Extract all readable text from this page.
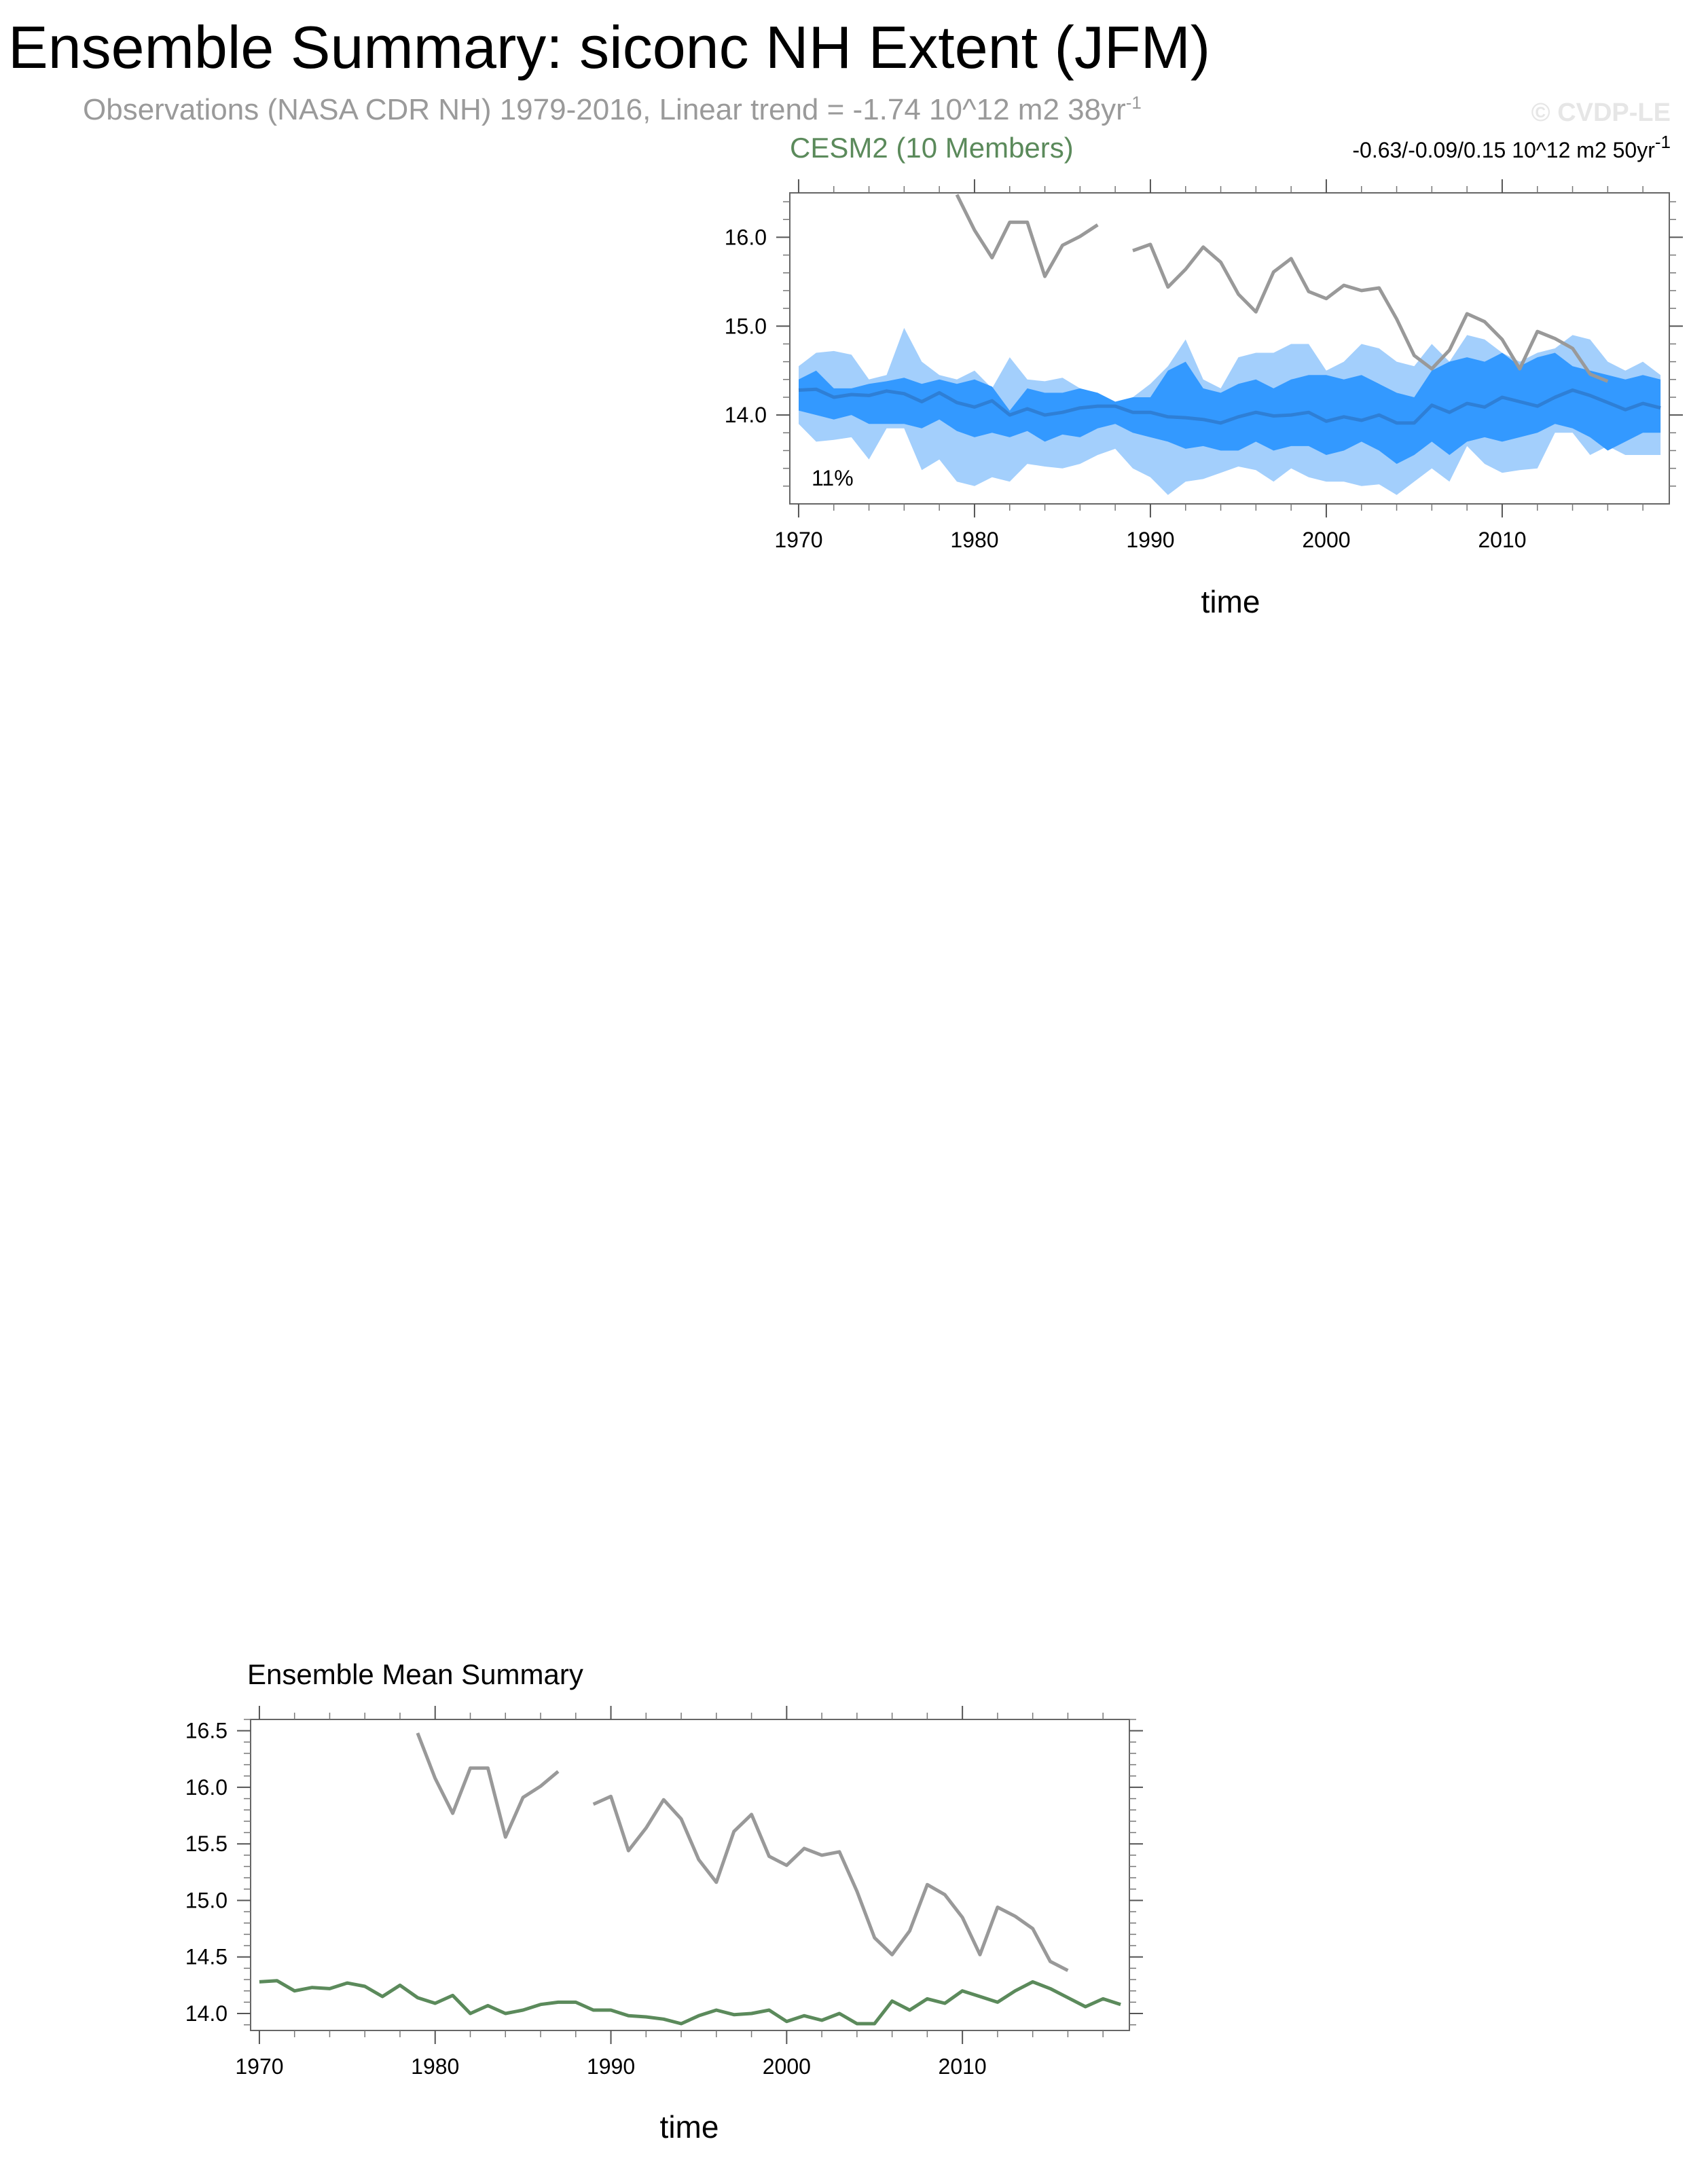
Ensemble Summary: siconc NH Extent (JFM)
Observations (NASA CDR NH) 1979-2016, Linear trend = -1.74 10^12 m2 $38yr^{-1}$	© CVDP-LE
CESM2 (10 Members)	-0.63/-0.09/0.15 10^12 m2 $50yr^{-1}$
1970	1980	1990	2000	2010
14.0
15.0
16.0
11%
time
Ensemble Mean Summary
1970	1980	1990	2000	2010
14.0
14.5
15.0
15.5
16.0
16.5
time
